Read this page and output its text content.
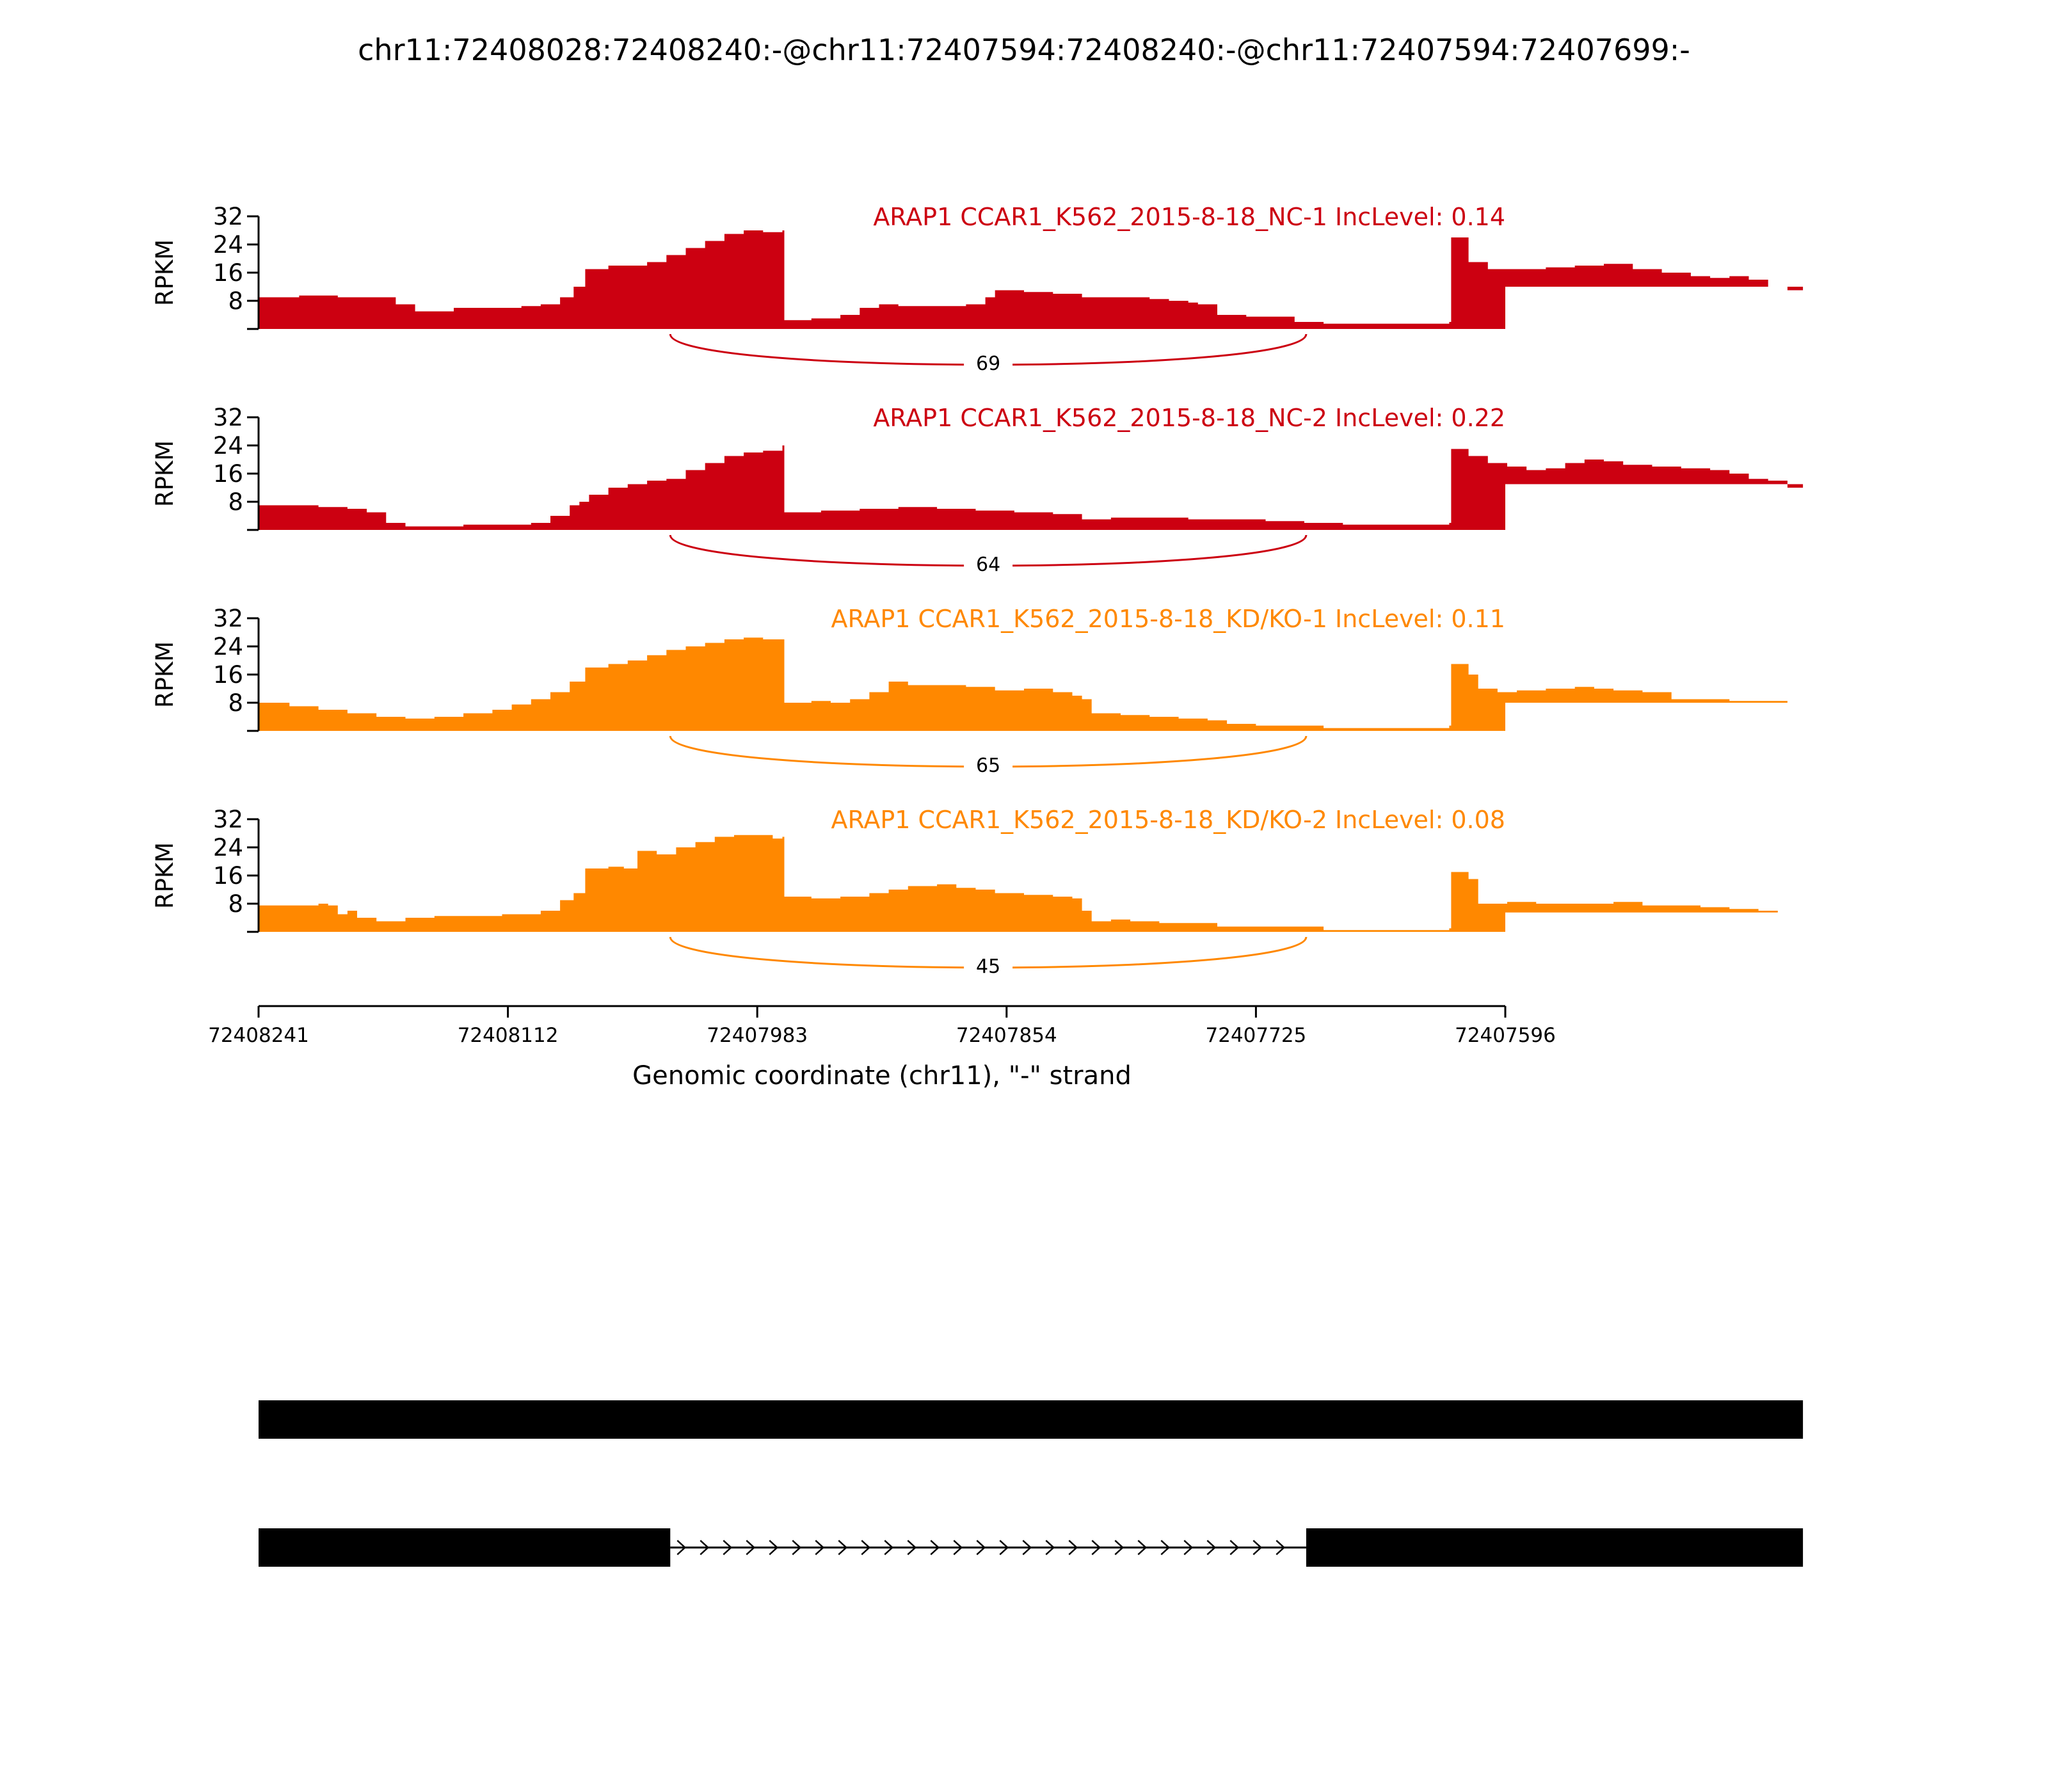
chr11:72408028:72408240:-@chr11:72407594:72408240:-@chr11:72407594:72407699:-
69
8
16
24
32
RPKM
ARAP1 CCAR1_K562_2015-8-18_NC-1 IncLevel: 0.14
64
8
16
24
32
RPKM
ARAP1 CCAR1_K562_2015-8-18_NC-2 IncLevel: 0.22
65
8
16
24
32
RPKM
ARAP1 CCAR1_K562_2015-8-18_KD/KO-1 IncLevel: 0.11
45
8
16
24
32
RPKM
ARAP1 CCAR1_K562_2015-8-18_KD/KO-2 IncLevel: 0.08
72408241	72408112	72407983	72407854	72407725	72407596
Genomic coordinate (chr11), "-" strand
